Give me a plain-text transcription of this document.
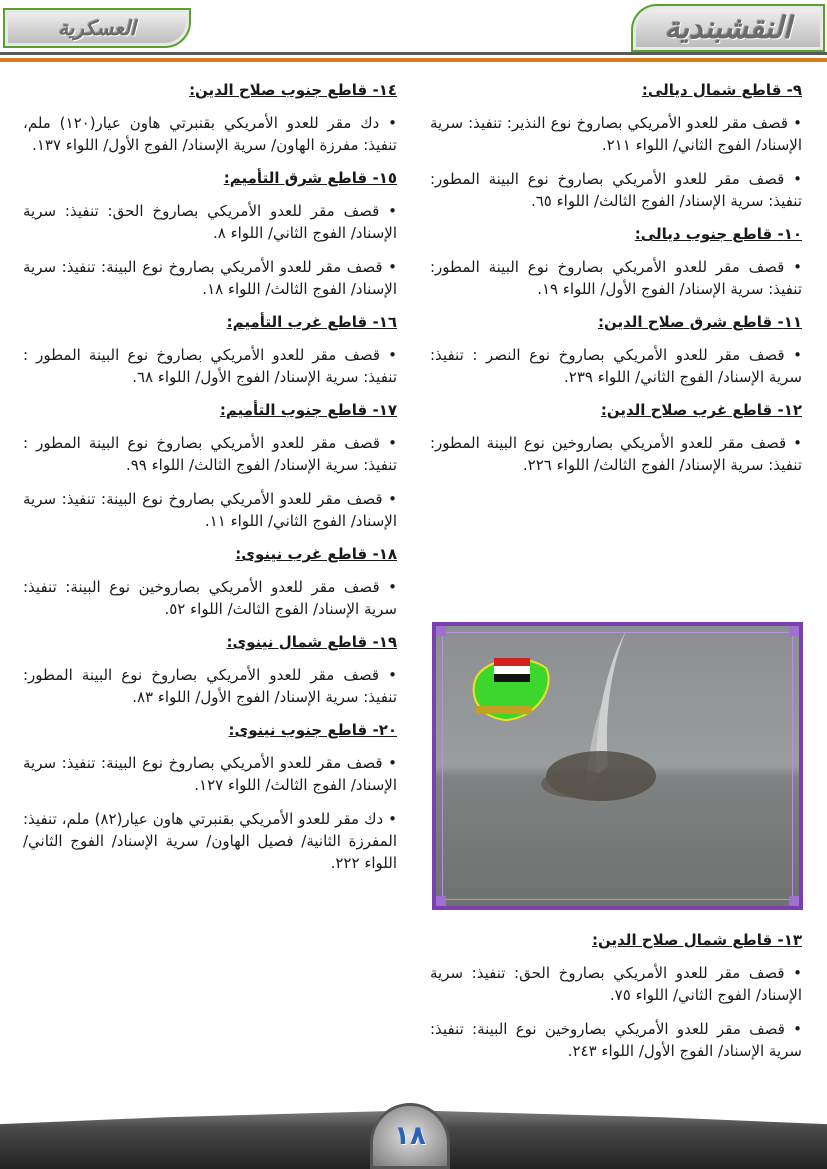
النقشبندية
العسكرية
٩- قاطع شمال ديالى:
• قصف مقر للعدو الأمريكي بصاروخ نوع النذير: تنفيذ: سرية الإسناد/ الفوج الثاني/ اللواء ٢١١.
• قصف مقر للعدو الأمريكي بصاروخ نوع البينة المطور: تنفيذ: سرية الإسناد/ الفوج الثالث/ اللواء ٦٥.
١٠- قاطع جنوب ديالى:
• قصف مقر للعدو الأمريكي بصاروخ نوع البينة المطور: تنفيذ: سرية الإسناد/ الفوج الأول/ اللواء ١٩.
١١- قاطع شرق صلاح الدين:
• قصف مقر للعدو الأمريكي بصاروخ نوع النصر : تنفيذ: سرية الإسناد/ الفوج الثاني/ اللواء ٢٣٩.
١٢- قاطع غرب صلاح الدين:
• قصف مقر للعدو الأمريكي بصاروخين نوع البينة المطور: تنفيذ: سرية الإسناد/ الفوج الثالث/ اللواء ٢٢٦.
١٣- قاطع شمال صلاح الدين:
• قصف مقر للعدو الأمريكي بصاروخ الحق: تنفيذ: سرية الإسناد/ الفوج الثاني/ اللواء ٧٥.
• قصف مقر للعدو الأمريكي بصاروخين نوع البينة: تنفيذ: سرية الإسناد/ الفوج الأول/ اللواء ٢٤٣.
١٤- قاطع جنوب صلاح الدين:
• دك مقر للعدو الأمريكي بقنبرتي هاون عيار(١٢٠) ملم، تنفيذ: مفرزة الهاون/ سرية الإسناد/ الفوج الأول/ اللواء ١٣٧.
١٥- قاطع شرق التأميم:
• قصف مقر للعدو الأمريكي بصاروخ الحق: تنفيذ: سرية الإسناد/ الفوج الثاني/ اللواء ٨.
• قصف مقر للعدو الأمريكي بصاروخ نوع البينة: تنفيذ: سرية الإسناد/ الفوج الثالث/ اللواء ١٨.
١٦- قاطع غرب التأميم:
• قصف مقر للعدو الأمريكي بصاروخ نوع البينة المطور : تنفيذ: سرية الإسناد/ الفوج الأول/ اللواء ٦٨.
١٧- قاطع جنوب التأميم:
• قصف مقر للعدو الأمريكي بصاروخ نوع البينة المطور : تنفيذ: سرية الإسناد/ الفوج الثالث/ اللواء ٩٩.
• قصف مقر للعدو الأمريكي بصاروخ نوع البينة: تنفيذ: سرية الإسناد/ الفوج الثاني/ اللواء ١١.
١٨- قاطع غرب نينوى:
• قصف مقر للعدو الأمريكي بصاروخين نوع البينة: تنفيذ: سرية الإسناد/ الفوج الثالث/ اللواء ٥٢.
١٩- قاطع شمال نينوى:
• قصف مقر للعدو الأمريكي بصاروخ نوع البينة المطور: تنفيذ: سرية الإسناد/ الفوج الأول/ اللواء ٨٣.
٢٠- قاطع جنوب نينوى:
• قصف مقر للعدو الأمريكي بصاروخ نوع البينة: تنفيذ: سرية الإسناد/ الفوج الثالث/ اللواء ١٢٧.
• دك مقر للعدو الأمريكي بقنبرتي هاون عيار(٨٢) ملم، تنفيذ: المفرزة الثانية/ فصيل الهاون/ سرية الإسناد/ الفوج الثاني/ اللواء ٢٢٢.
١٨
